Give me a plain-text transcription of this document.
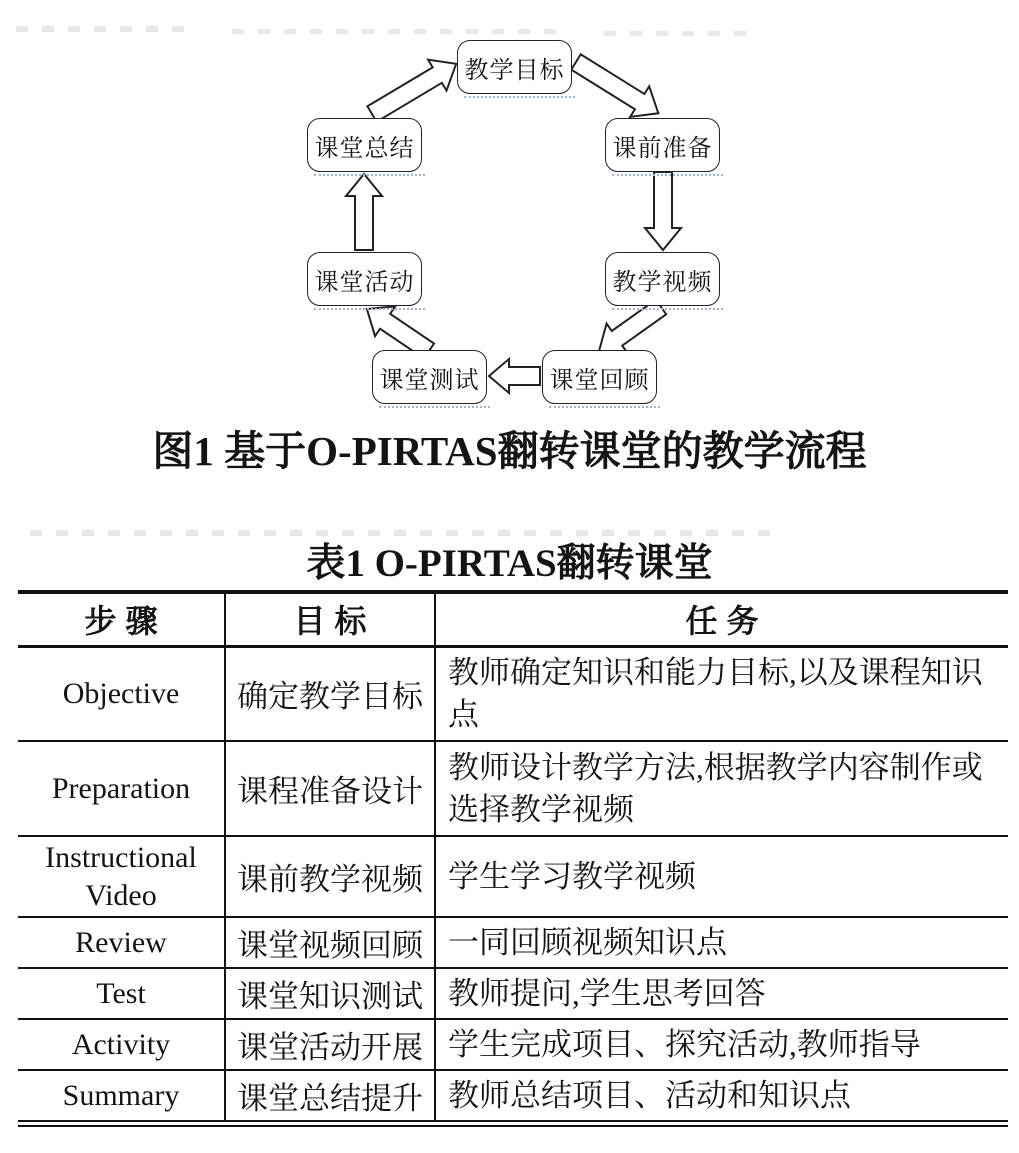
教学目标
课前准备
教学视频
课堂回顾
课堂测试
课堂活动
课堂总结
图1 基于O-PIRTAS翻转课堂的教学流程
表1 O-PIRTAS翻转课堂
步 骤	目 标	任 务
Objective	确定教学目标	教师确定知识和能力目标,以及课程知识点
Preparation	课程准备设计	教师设计教学方法,根据教学内容制作或选择教学视频
Instructional Video	课前教学视频	学生学习教学视频
Review	课堂视频回顾	一同回顾视频知识点
Test	课堂知识测试	教师提问,学生思考回答
Activity	课堂活动开展	学生完成项目、探究活动,教师指导
Summary	课堂总结提升	教师总结项目、活动和知识点
